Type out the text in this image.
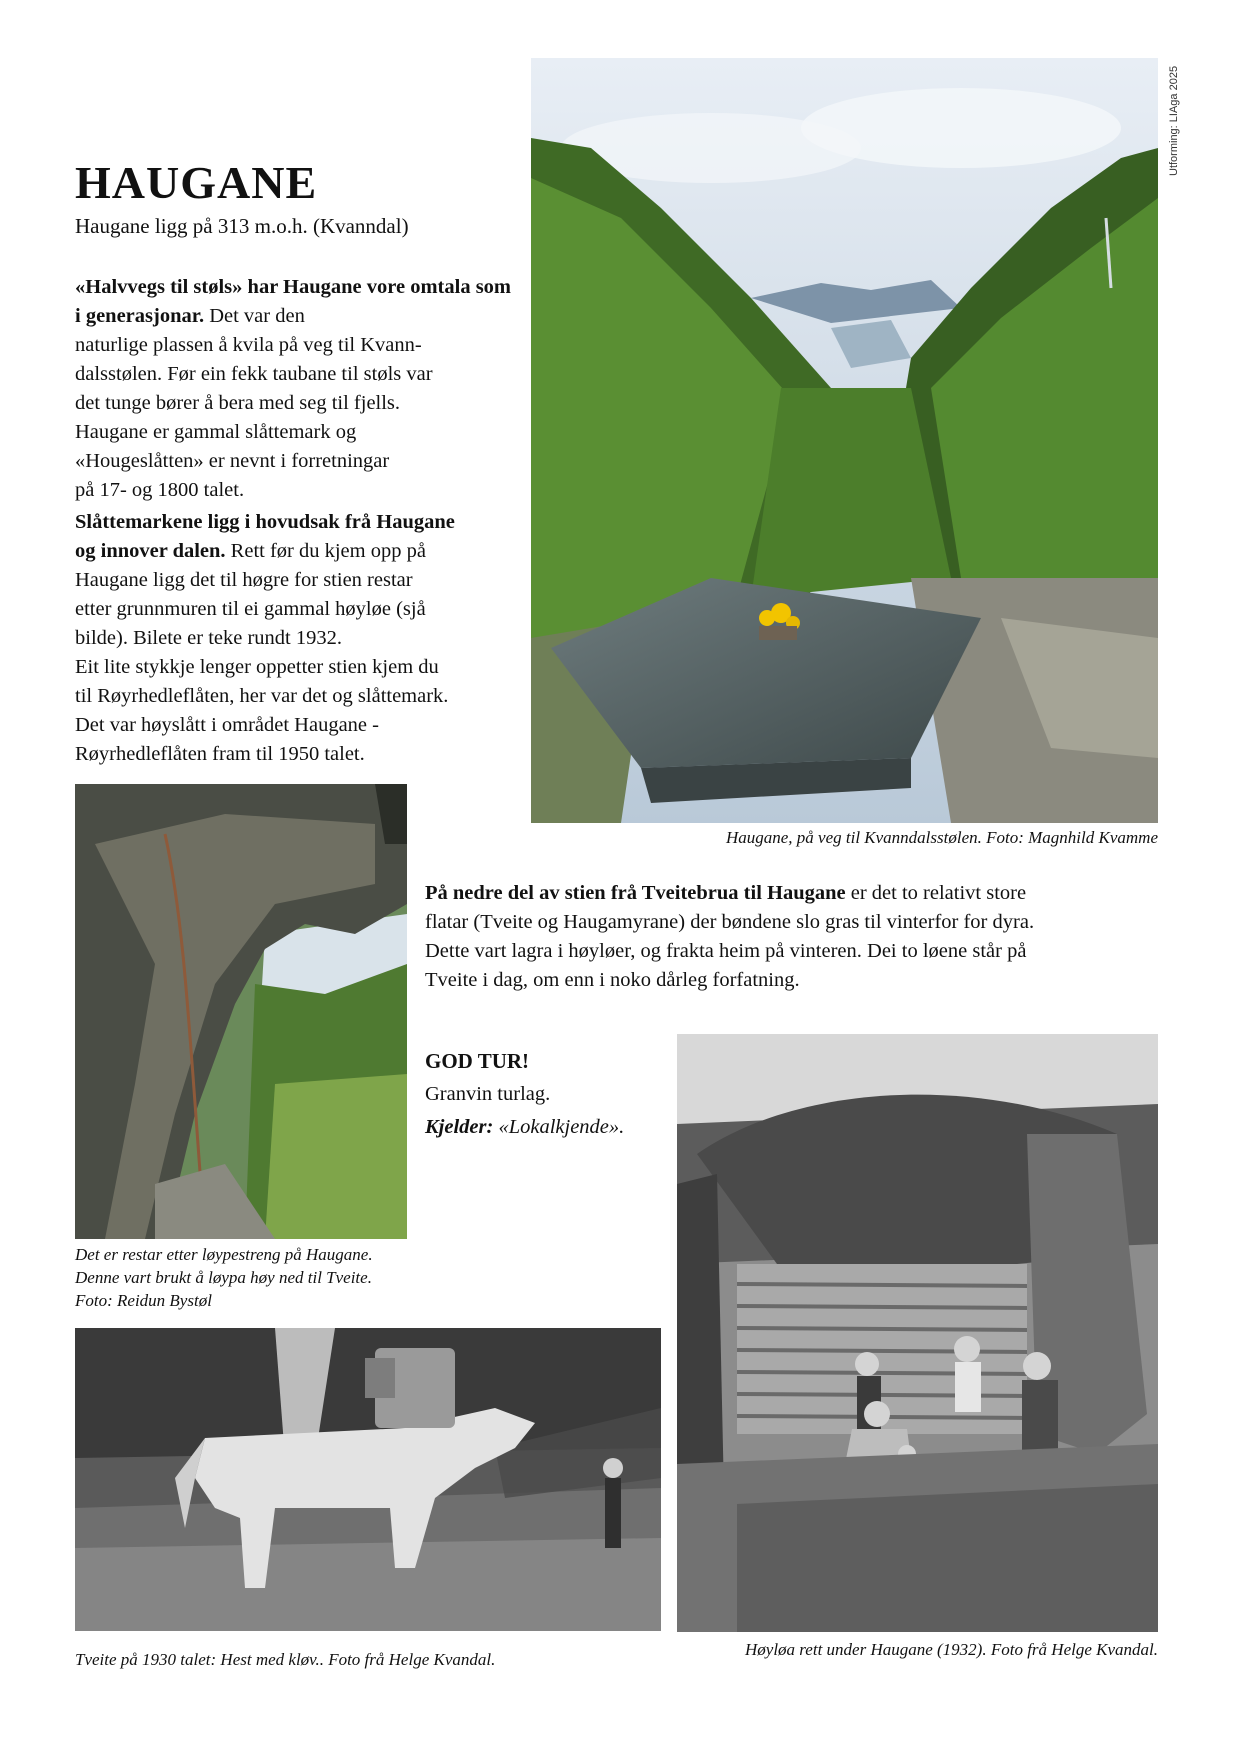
Utforming: LIAga 2025
HAUGANE
Haugane ligg på 313 m.o.h. (Kvanndal)
«Halvvegs til støls» har Haugane vore omtala som i generasjonar. Det var den
naturlige plassen å kvila på veg til Kvann-
dalsstølen. Før ein fekk taubane til støls var
det tunge bører å bera med seg til fjells.
Haugane er gammal slåttemark og
«Hougeslåtten» er nevnt i forretningar
på 17- og 1800 talet.
Slåttemarkene ligg i hovudsak frå Haugane
og innover dalen. Rett før du kjem opp på
Haugane ligg det til høgre for stien restar
etter grunnmuren til ei gammal høyløe (sjå
bilde). Bilete er teke rundt 1932.
Eit lite stykkje lenger oppetter stien kjem du
til Røyrhedleflåten, her var det og slåttemark.
Det var høyslått i området Haugane -
Røyrhedleflåten fram til 1950 talet.
Haugane, på veg til Kvanndalsstølen. Foto: Magnhild Kvamme
Det er restar etter løypestreng på Haugane.
Denne vart brukt å løypa høy ned til Tveite.
Foto: Reidun Bystøl
På nedre del av stien frå Tveitebrua til Haugane er det to relativt store
flatar (Tveite og Haugamyrane) der bøndene slo gras til vinterfor for dyra.
Dette vart lagra i høyløer, og frakta heim på vinteren. Dei to løene står på
Tveite i dag, om enn i noko dårleg forfatning.
GOD TUR!
Granvin turlag.
Kjelder: «Lokalkjende».
Tveite på 1930 talet: Hest med kløv.. Foto frå Helge Kvandal.
Høyløa rett under Haugane (1932). Foto frå Helge Kvandal.
